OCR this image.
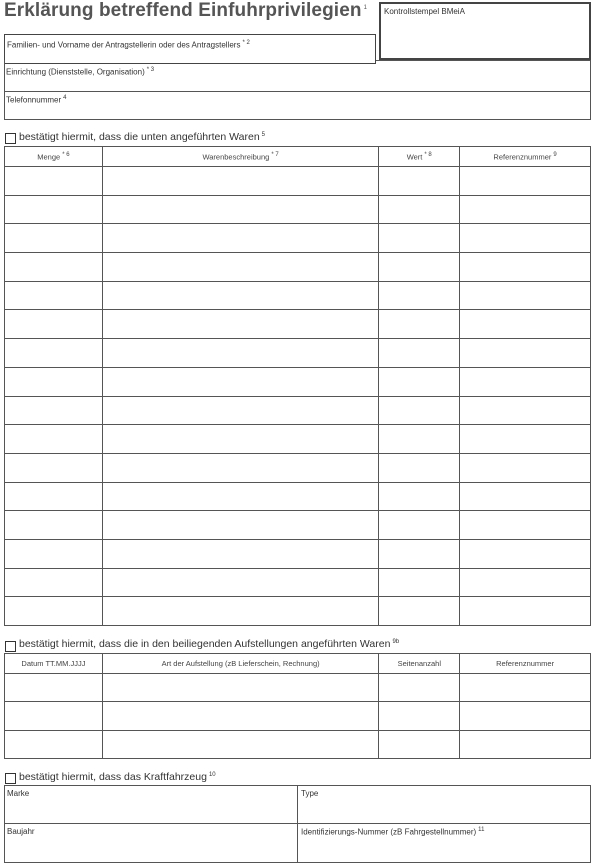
Erklärung betreffend Einfuhrprivilegien $^1$ Kontrollstempel BMeiA
Familien- und Vorname der Antragstellerin oder des Antragstellers $^{* 2}$
Einrichtung (Dienststelle, Organisation) $^{* 3}$
Telefonnummer $^4$
bestätigt hiermit, dass die unten angeführten Waren $^5$
Menge $^{* 6}$	Warenbeschreibung $^{* 7}$	Wert $^{* 8}$	Referenznummer $^9$

bestätigt hiermit, dass die in den beiliegenden Aufstellungen angeführten Waren $^{9b}$
Datum TT.MM.JJJJ	Art der Aufstellung (zB Lieferschein, Rechnung)	Seitenanzahl	Referenznummer

bestätigt hiermit, dass das Kraftfahrzeug $^{10}$
Marke	Type
Baujahr	Identifizierungs-Nummer (zB Fahrgestellnummer) $^{11}$
